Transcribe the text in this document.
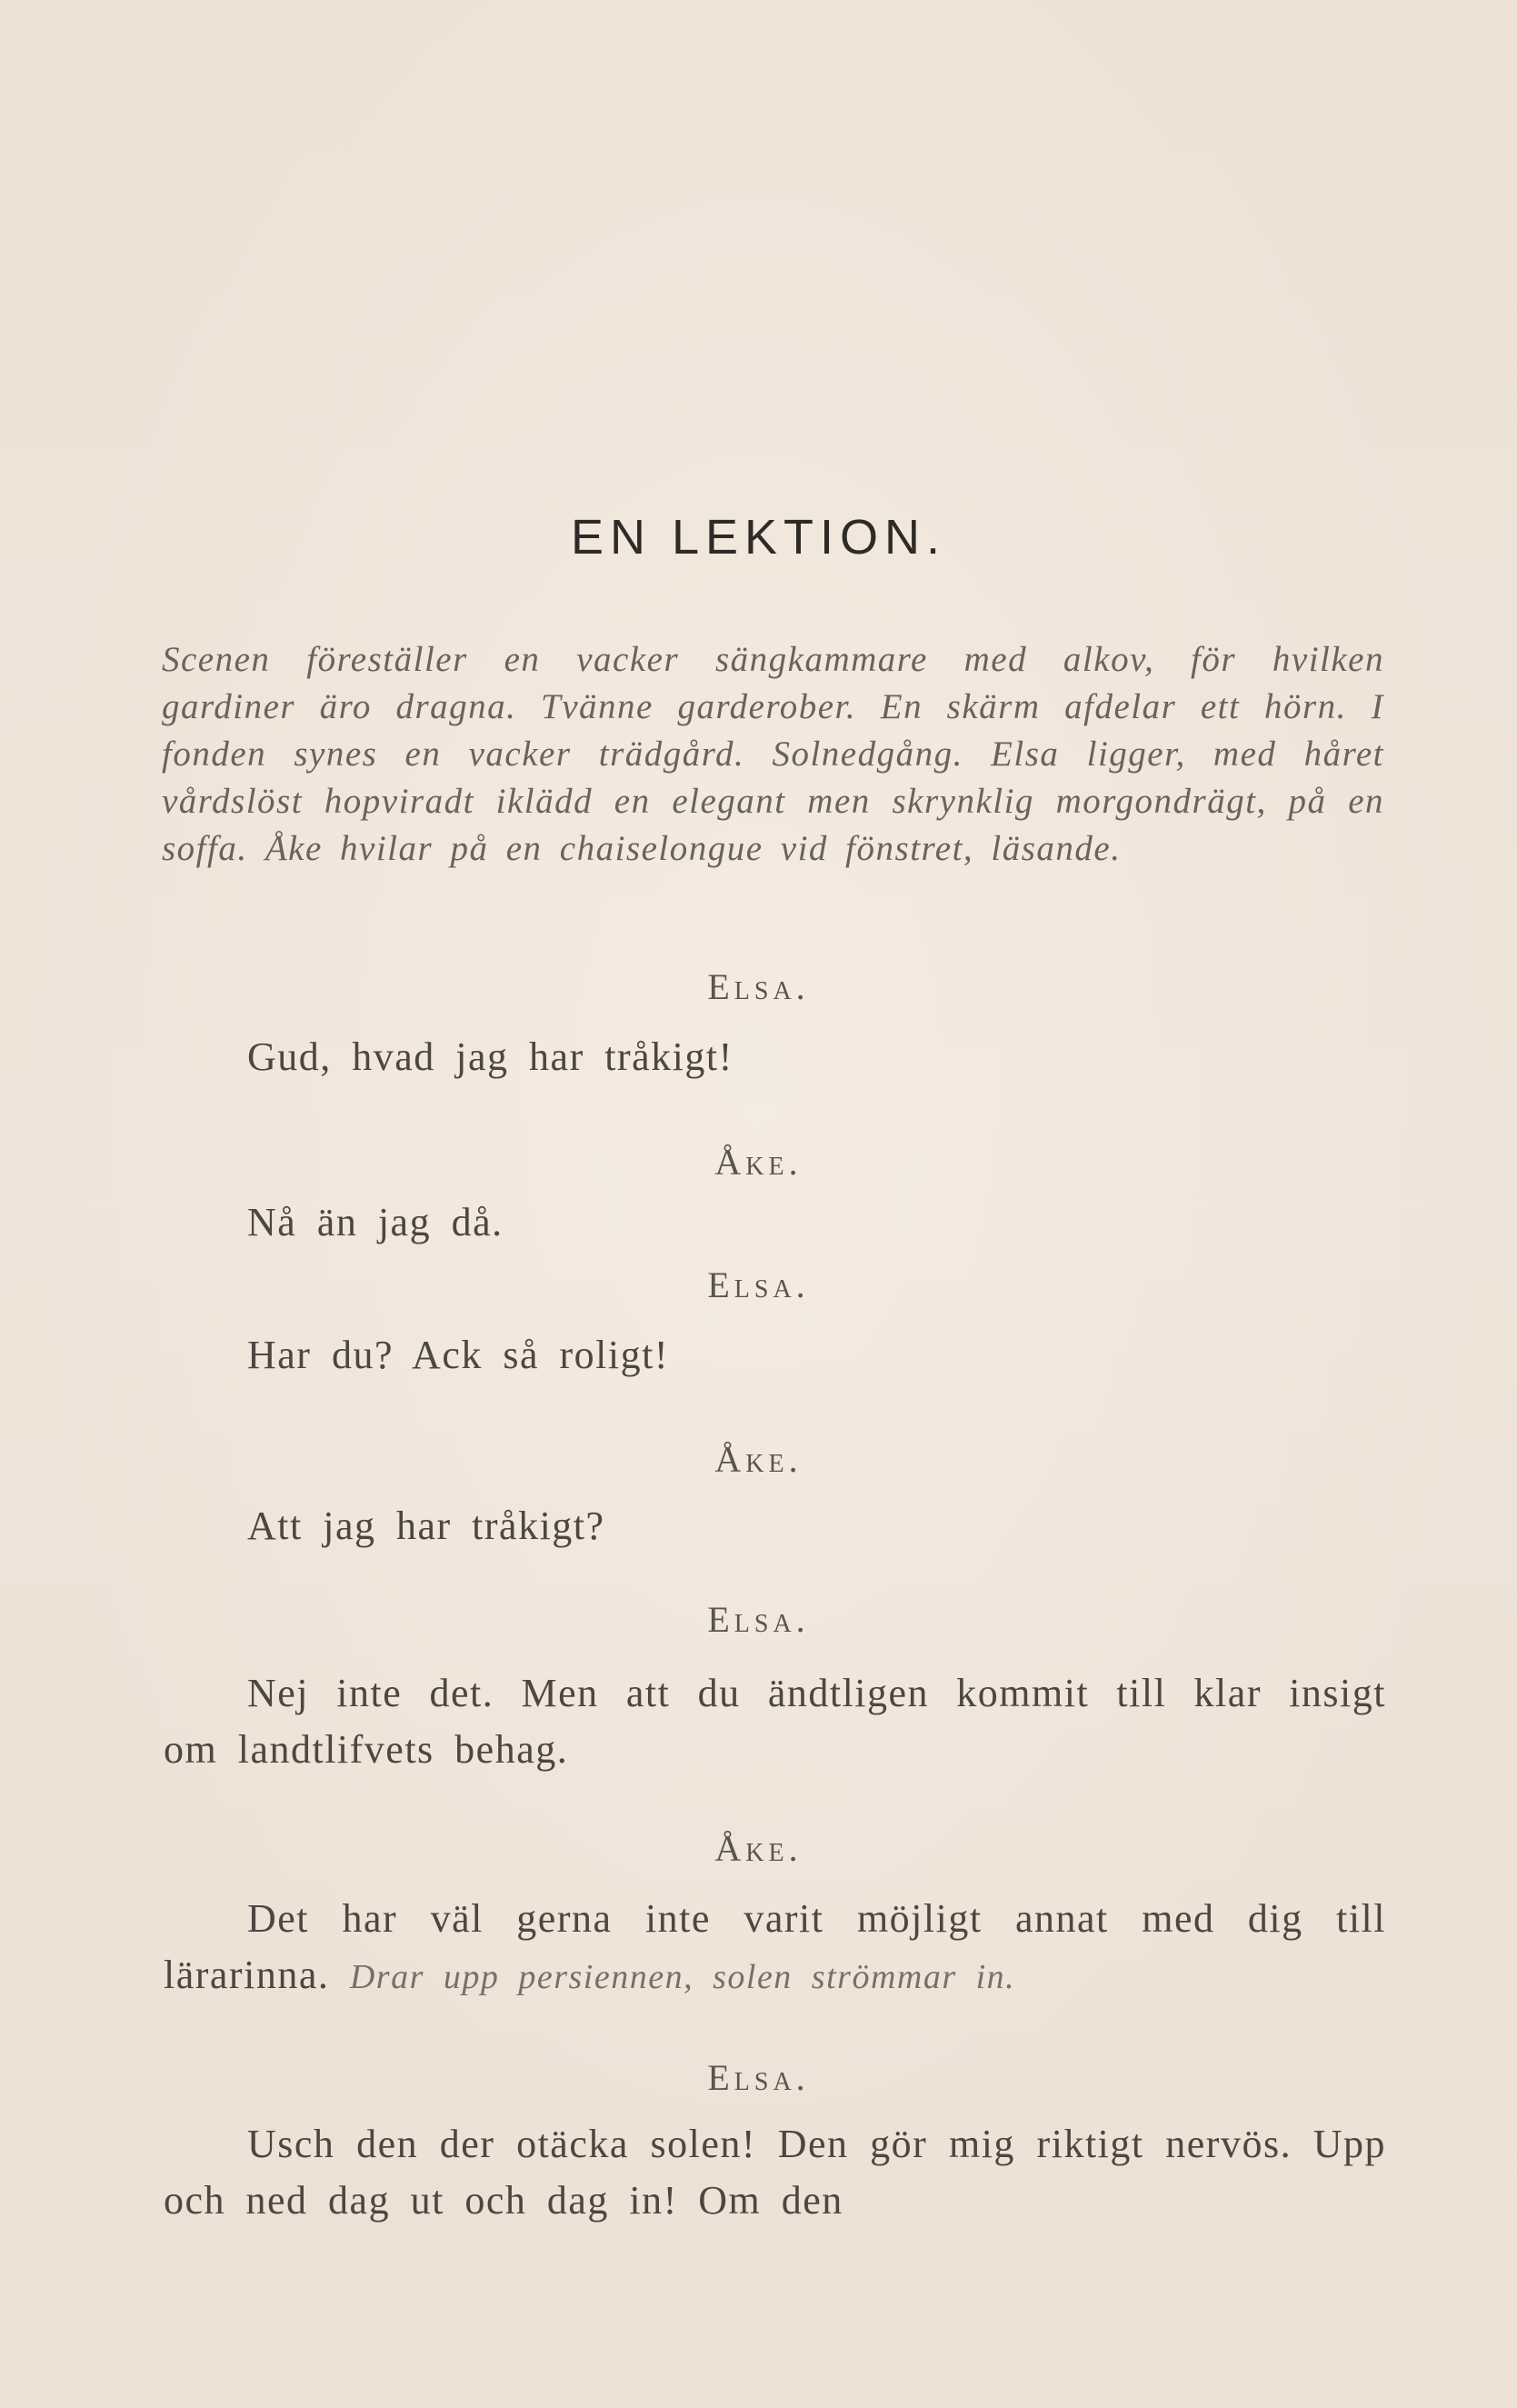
EN LEKTION.
Scenen föreställer en vacker sängkammare med alkov, för hvilken gardiner äro dragna. Tvänne garderober. En skärm afdelar ett hörn. I fonden synes en vacker trädgård. Solnedgång. Elsa ligger, med håret vårdslöst hopviradt iklädd en elegant men skrynklig morgondrägt, på en soffa. Åke hvilar på en chaiselongue vid fönstret, läsande.
Elsa.
Gud, hvad jag har tråkigt!
Åke.
Nå än jag då.
Elsa.
Har du? Ack så roligt!
Åke.
Att jag har tråkigt?
Elsa.
Nej inte det. Men att du ändtligen kommit till klar insigt om landtlifvets behag.
Åke.
Det har väl gerna inte varit möjligt annat med dig till lärarinna. Drar upp persiennen, solen strömmar in.
Elsa.
Usch den der otäcka solen! Den gör mig riktigt nervös. Upp och ned dag ut och dag in! Om den
